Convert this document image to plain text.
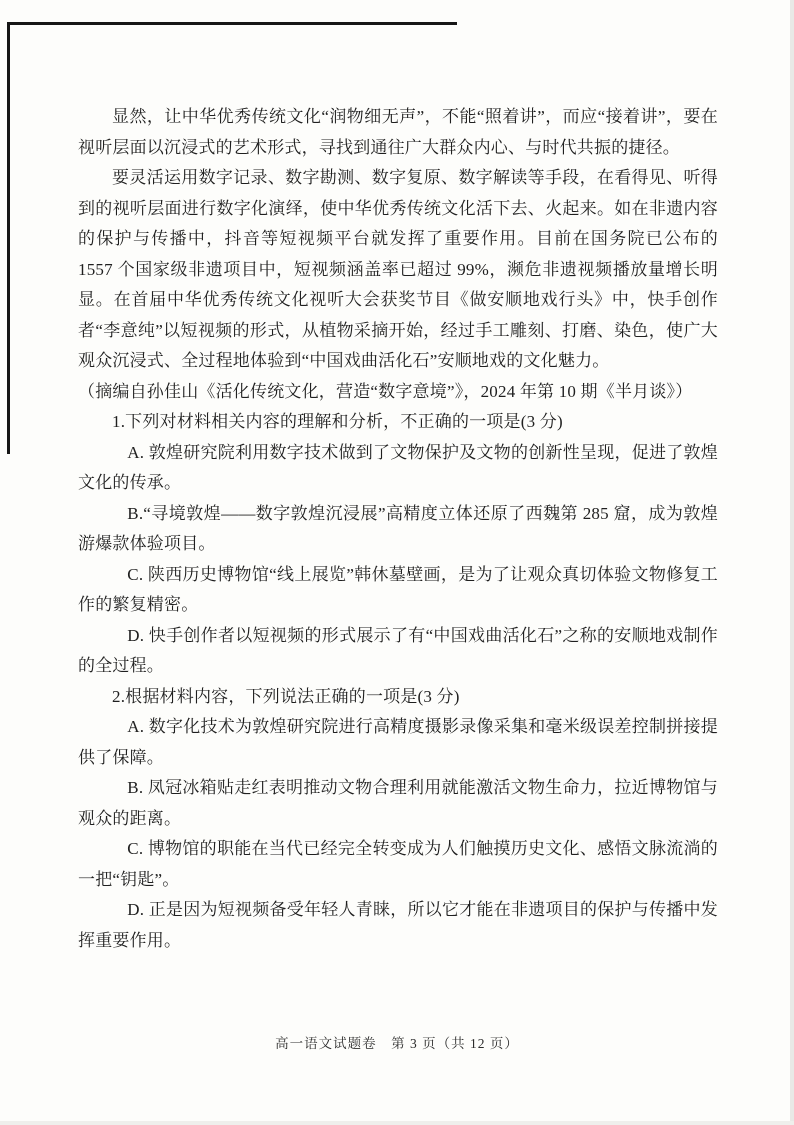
显然，让中华优秀传统文化“润物细无声”，不能“照着讲”，而应“接着讲”，要在视听层面以沉浸式的艺术形式，寻找到通往广大群众内心、与时代共振的捷径。

要灵活运用数字记录、数字勘测、数字复原、数字解读等手段，在看得见、听得到的视听层面进行数字化演绎，使中华优秀传统文化活下去、火起来。如在非遗内容的保护与传播中，抖音等短视频平台就发挥了重要作用。目前在国务院已公布的 1557 个国家级非遗项目中，短视频涵盖率已超过 99%，濒危非遗视频播放量增长明显。在首届中华优秀传统文化视听大会获奖节目《做安顺地戏行头》中，快手创作者“李意纯”以短视频的形式，从植物采摘开始，经过手工雕刻、打磨、染色，使广大观众沉浸式、全过程地体验到“中国戏曲活化石”安顺地戏的文化魅力。

（摘编自孙佳山《活化传统文化，营造“数字意境”》，2024 年第 10 期《半月谈》）

1.下列对材料相关内容的理解和分析，不正确的一项是(3 分)

A. 敦煌研究院利用数字技术做到了文物保护及文物的创新性呈现，促进了敦煌文化的传承。

B.“寻境敦煌——数字敦煌沉浸展”高精度立体还原了西魏第 285 窟，成为敦煌游爆款体验项目。

C. 陕西历史博物馆“线上展览”韩休墓壁画，是为了让观众真切体验文物修复工作的繁复精密。

D. 快手创作者以短视频的形式展示了有“中国戏曲活化石”之称的安顺地戏制作的全过程。

2.根据材料内容，下列说法正确的一项是(3 分)

A. 数字化技术为敦煌研究院进行高精度摄影录像采集和毫米级误差控制拼接提供了保障。

B. 凤冠冰箱贴走红表明推动文物合理利用就能激活文物生命力，拉近博物馆与观众的距离。

C. 博物馆的职能在当代已经完全转变成为人们触摸历史文化、感悟文脉流淌的一把“钥匙”。

D. 正是因为短视频备受年轻人青睐，所以它才能在非遗项目的保护与传播中发挥重要作用。

高一语文试题卷　第 3 页（共 12 页）
